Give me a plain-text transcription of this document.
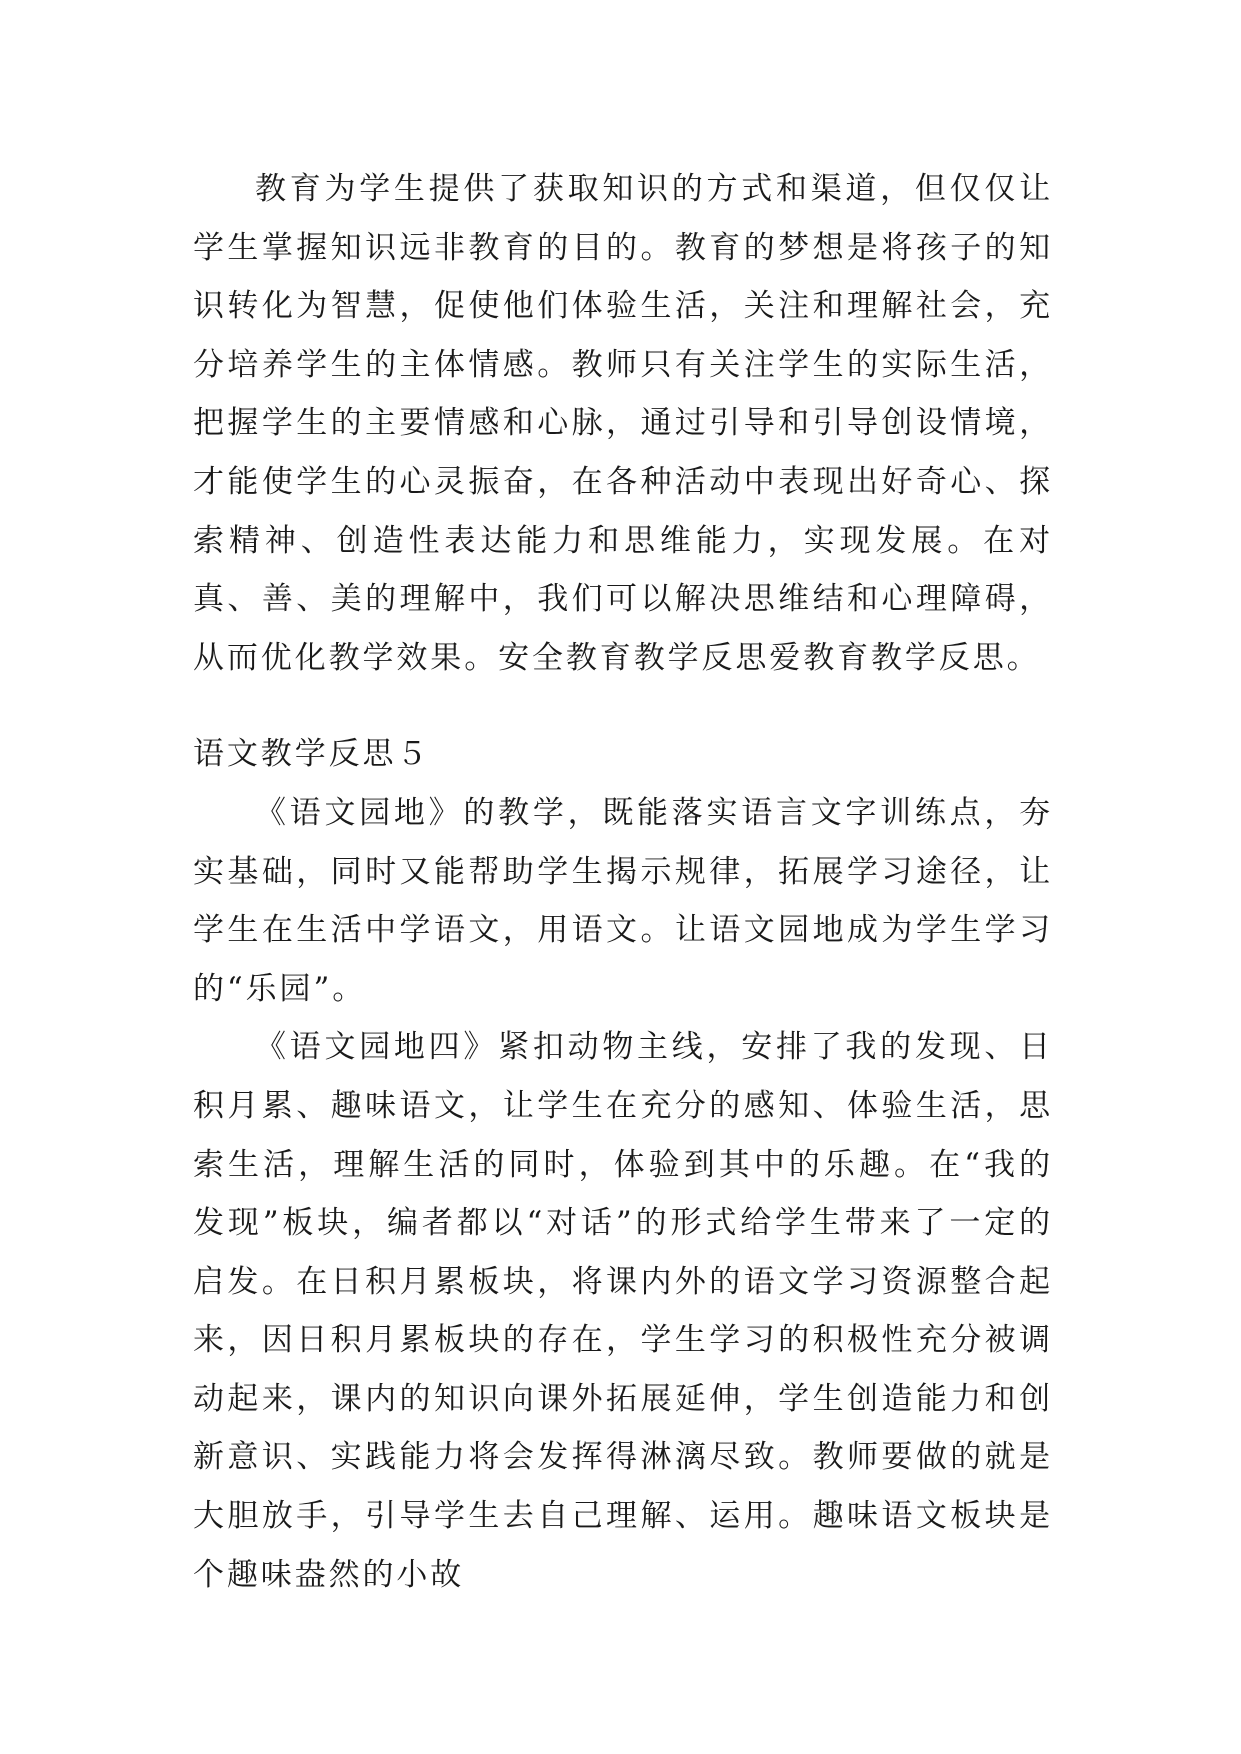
教育为学生提供了获取知识的方式和渠道，但仅仅让学生掌握知识远非教育的目的。教育的梦想是将孩子的知识转化为智慧，促使他们体验生活，关注和理解社会，充分培养学生的主体情感。教师只有关注学生的实际生活，把握学生的主要情感和心脉，通过引导和引导创设情境，才能使学生的心灵振奋，在各种活动中表现出好奇心、探索精神、创造性表达能力和思维能力，实现发展。在对真、善、美的理解中，我们可以解决思维结和心理障碍，从而优化教学效果。安全教育教学反思爱教育教学反思。

语文教学反思５

《语文园地》的教学，既能落实语言文字训练点，夯实基础，同时又能帮助学生揭示规律，拓展学习途径，让学生在生活中学语文，用语文。让语文园地成为学生学习的“乐园”。

《语文园地四》紧扣动物主线，安排了我的发现、日积月累、趣味语文，让学生在充分的感知、体验生活，思索生活，理解生活的同时，体验到其中的乐趣。在“我的发现”板块，编者都以“对话”的形式给学生带来了一定的启发。在日积月累板块，将课内外的语文学习资源整合起来，因日积月累板块的存在，学生学习的积极性充分被调动起来，课内的知识向课外拓展延伸，学生创造能力和创新意识、实践能力将会发挥得淋漓尽致。教师要做的就是大胆放手，引导学生去自己理解、运用。趣味语文板块是个趣味盎然的小故
